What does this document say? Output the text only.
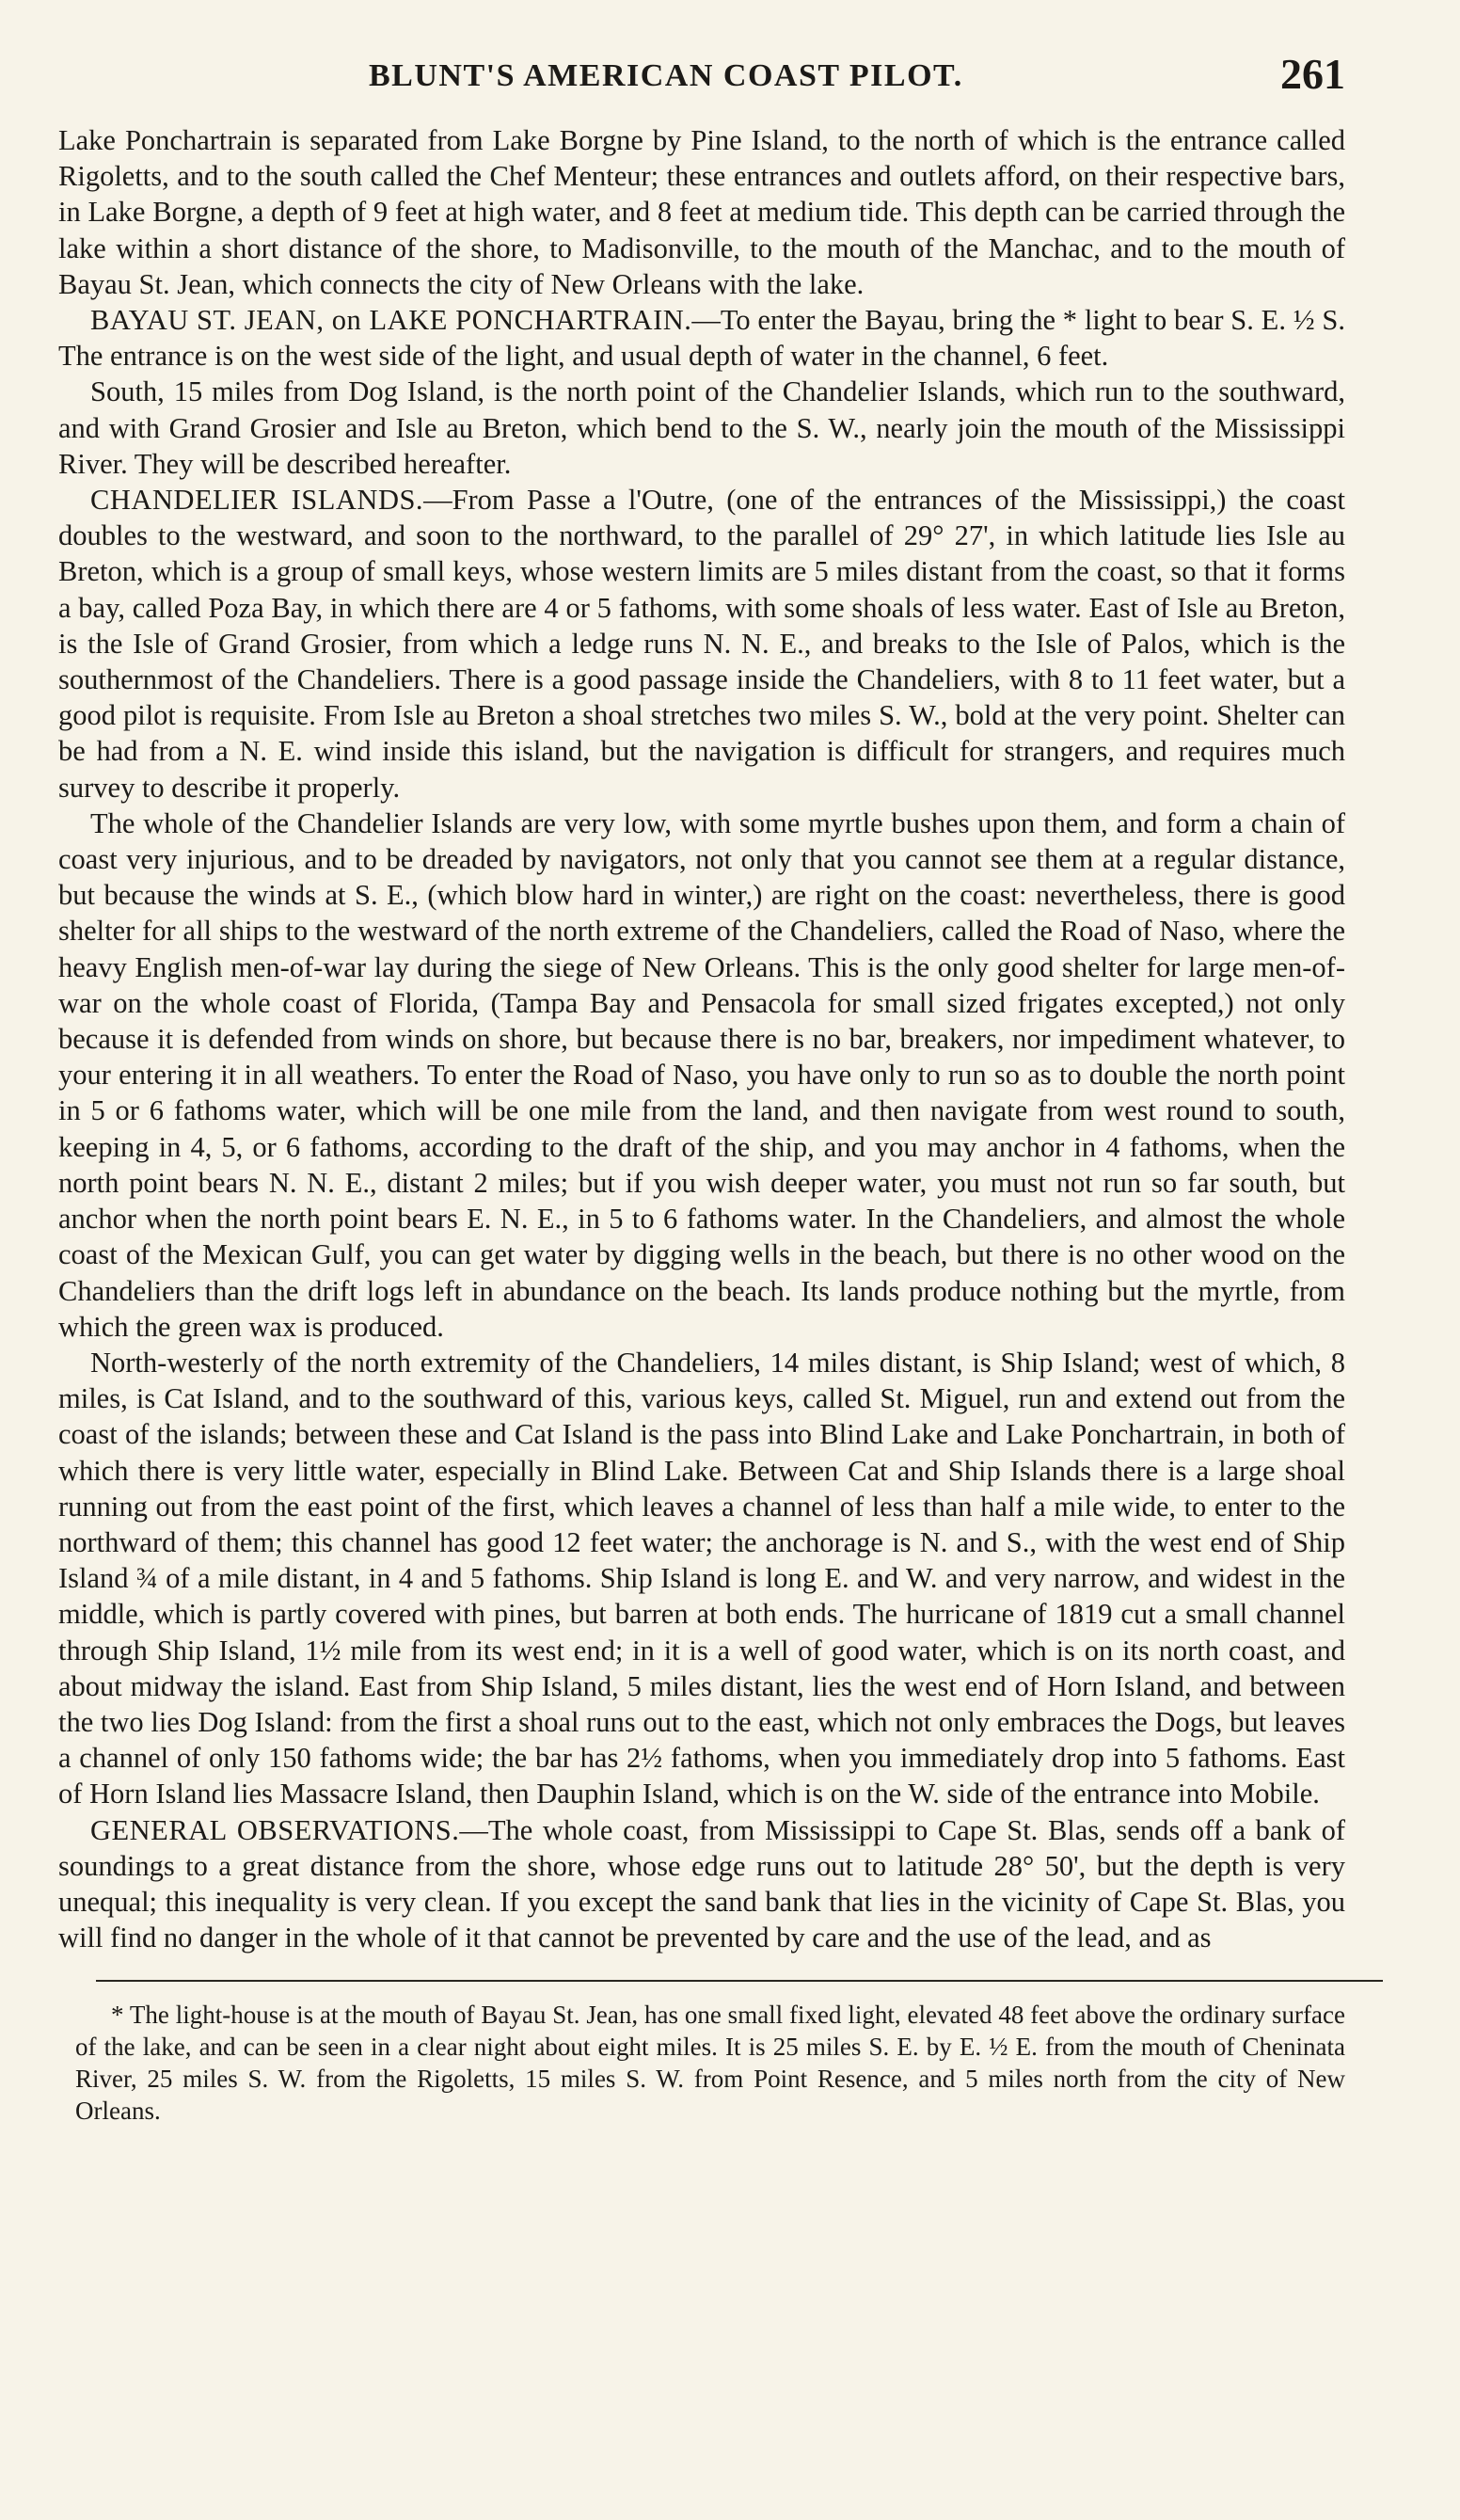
BLUNT'S AMERICAN COAST PILOT.	261

Lake Ponchartrain is separated from Lake Borgne by Pine Island, to the north of which is the entrance called Rigoletts, and to the south called the Chef Menteur; these entrances and outlets afford, on their respective bars, in Lake Borgne, a depth of 9 feet at high water, and 8 feet at medium tide. This depth can be carried through the lake within a short distance of the shore, to Madisonville, to the mouth of the Manchac, and to the mouth of Bayau St. Jean, which connects the city of New Orleans with the lake.

BAYAU ST. JEAN, on LAKE PONCHARTRAIN.—To enter the Bayau, bring the * light to bear S. E. ½ S. The entrance is on the west side of the light, and usual depth of water in the channel, 6 feet.

South, 15 miles from Dog Island, is the north point of the Chandelier Islands, which run to the southward, and with Grand Grosier and Isle au Breton, which bend to the S. W., nearly join the mouth of the Mississippi River. They will be described hereafter.

CHANDELIER ISLANDS.—From Passe a l'Outre, (one of the entrances of the Mississippi,) the coast doubles to the westward, and soon to the northward, to the parallel of 29° 27', in which latitude lies Isle au Breton, which is a group of small keys, whose western limits are 5 miles distant from the coast, so that it forms a bay, called Poza Bay, in which there are 4 or 5 fathoms, with some shoals of less water. East of Isle au Breton, is the Isle of Grand Grosier, from which a ledge runs N. N. E., and breaks to the Isle of Palos, which is the southernmost of the Chandeliers. There is a good passage inside the Chandeliers, with 8 to 11 feet water, but a good pilot is requisite. From Isle au Breton a shoal stretches two miles S. W., bold at the very point. Shelter can be had from a N. E. wind inside this island, but the navigation is difficult for strangers, and requires much survey to describe it properly.

The whole of the Chandelier Islands are very low, with some myrtle bushes upon them, and form a chain of coast very injurious, and to be dreaded by navigators, not only that you cannot see them at a regular distance, but because the winds at S. E., (which blow hard in winter,) are right on the coast: nevertheless, there is good shelter for all ships to the westward of the north extreme of the Chandeliers, called the Road of Naso, where the heavy English men-of-war lay during the siege of New Orleans. This is the only good shelter for large men-of-war on the whole coast of Florida, (Tampa Bay and Pensacola for small sized frigates excepted,) not only because it is defended from winds on shore, but because there is no bar, breakers, nor impediment whatever, to your entering it in all weathers. To enter the Road of Naso, you have only to run so as to double the north point in 5 or 6 fathoms water, which will be one mile from the land, and then navigate from west round to south, keeping in 4, 5, or 6 fathoms, according to the draft of the ship, and you may anchor in 4 fathoms, when the north point bears N. N. E., distant 2 miles; but if you wish deeper water, you must not run so far south, but anchor when the north point bears E. N. E., in 5 to 6 fathoms water. In the Chandeliers, and almost the whole coast of the Mexican Gulf, you can get water by digging wells in the beach, but there is no other wood on the Chandeliers than the drift logs left in abundance on the beach. Its lands produce nothing but the myrtle, from which the green wax is produced.

North-westerly of the north extremity of the Chandeliers, 14 miles distant, is Ship Island; west of which, 8 miles, is Cat Island, and to the southward of this, various keys, called St. Miguel, run and extend out from the coast of the islands; between these and Cat Island is the pass into Blind Lake and Lake Ponchartrain, in both of which there is very little water, especially in Blind Lake. Between Cat and Ship Islands there is a large shoal running out from the east point of the first, which leaves a channel of less than half a mile wide, to enter to the northward of them; this channel has good 12 feet water; the anchorage is N. and S., with the west end of Ship Island ¾ of a mile distant, in 4 and 5 fathoms. Ship Island is long E. and W. and very narrow, and widest in the middle, which is partly covered with pines, but barren at both ends. The hurricane of 1819 cut a small channel through Ship Island, 1½ mile from its west end; in it is a well of good water, which is on its north coast, and about midway the island. East from Ship Island, 5 miles distant, lies the west end of Horn Island, and between the two lies Dog Island: from the first a shoal runs out to the east, which not only embraces the Dogs, but leaves a channel of only 150 fathoms wide; the bar has 2½ fathoms, when you immediately drop into 5 fathoms. East of Horn Island lies Massacre Island, then Dauphin Island, which is on the W. side of the entrance into Mobile.

GENERAL OBSERVATIONS.—The whole coast, from Mississippi to Cape St. Blas, sends off a bank of soundings to a great distance from the shore, whose edge runs out to latitude 28° 50', but the depth is very unequal; this inequality is very clean. If you except the sand bank that lies in the vicinity of Cape St. Blas, you will find no danger in the whole of it that cannot be prevented by care and the use of the lead, and as

* The light-house is at the mouth of Bayau St. Jean, has one small fixed light, elevated 48 feet above the ordinary surface of the lake, and can be seen in a clear night about eight miles. It is 25 miles S. E. by E. ½ E. from the mouth of Cheninata River, 25 miles S. W. from the Rigoletts, 15 miles S. W. from Point Resence, and 5 miles north from the city of New Orleans.
